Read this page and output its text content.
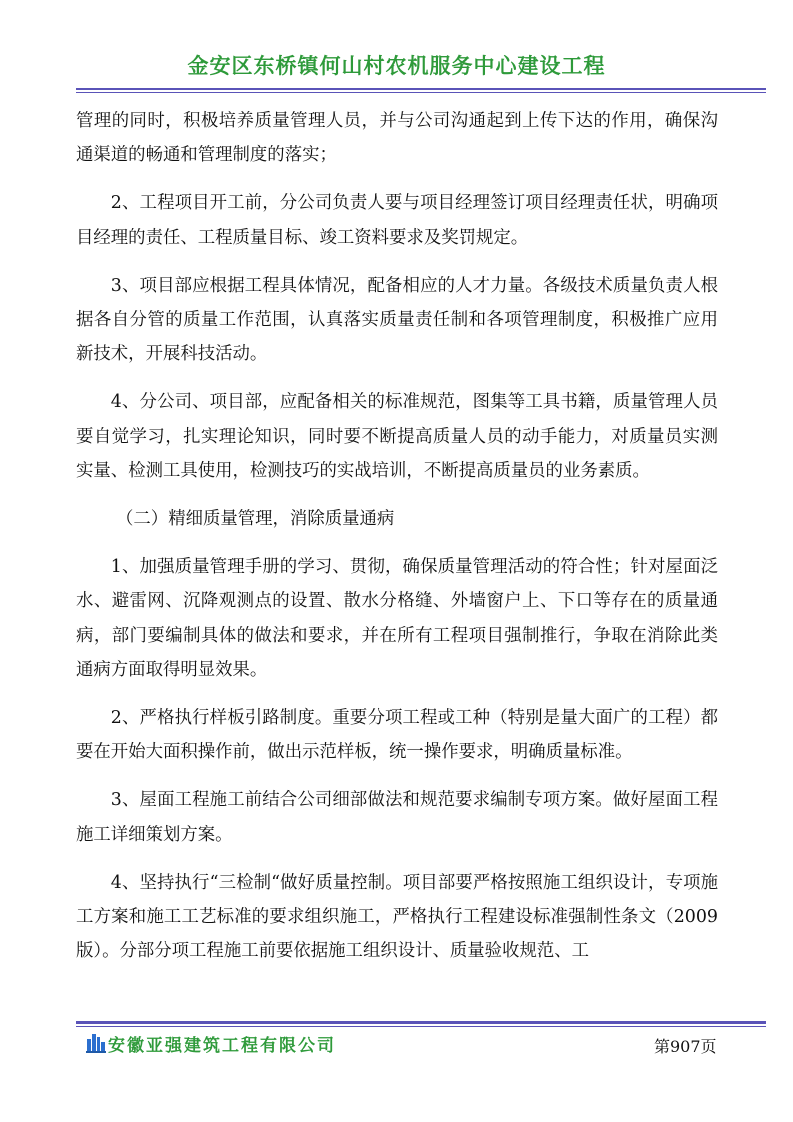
金安区东桥镇何山村农机服务中心建设工程

管理的同时，积极培养质量管理人员，并与公司沟通起到上传下达的作用，确保沟通渠道的畅通和管理制度的落实；

2、工程项目开工前，分公司负责人要与项目经理签订项目经理责任状，明确项目经理的责任、工程质量目标、竣工资料要求及奖罚规定。

3、项目部应根据工程具体情况，配备相应的人才力量。各级技术质量负责人根据各自分管的质量工作范围，认真落实质量责任制和各项管理制度，积极推广应用新技术，开展科技活动。

4、分公司、项目部，应配备相关的标准规范，图集等工具书籍，质量管理人员要自觉学习，扎实理论知识，同时要不断提高质量人员的动手能力，对质量员实测实量、检测工具使用，检测技巧的实战培训，不断提高质量员的业务素质。

（二）精细质量管理，消除质量通病

1、加强质量管理手册的学习、贯彻，确保质量管理活动的符合性；针对屋面泛水、避雷网、沉降观测点的设置、散水分格缝、外墙窗户上、下口等存在的质量通病，部门要编制具体的做法和要求，并在所有工程项目强制推行，争取在消除此类通病方面取得明显效果。

2、严格执行样板引路制度。重要分项工程或工种（特别是量大面广的工程）都要在开始大面积操作前，做出示范样板，统一操作要求，明确质量标准。

3、屋面工程施工前结合公司细部做法和规范要求编制专项方案。做好屋面工程施工详细策划方案。

4、坚持执行“三检制“做好质量控制。项目部要严格按照施工组织设计，专项施工方案和施工工艺标准的要求组织施工，严格执行工程建设标准强制性条文（2009版）。分部分项工程施工前要依据施工组织设计、质量验收规范、工

安徽亚强建筑工程有限公司	第907页
